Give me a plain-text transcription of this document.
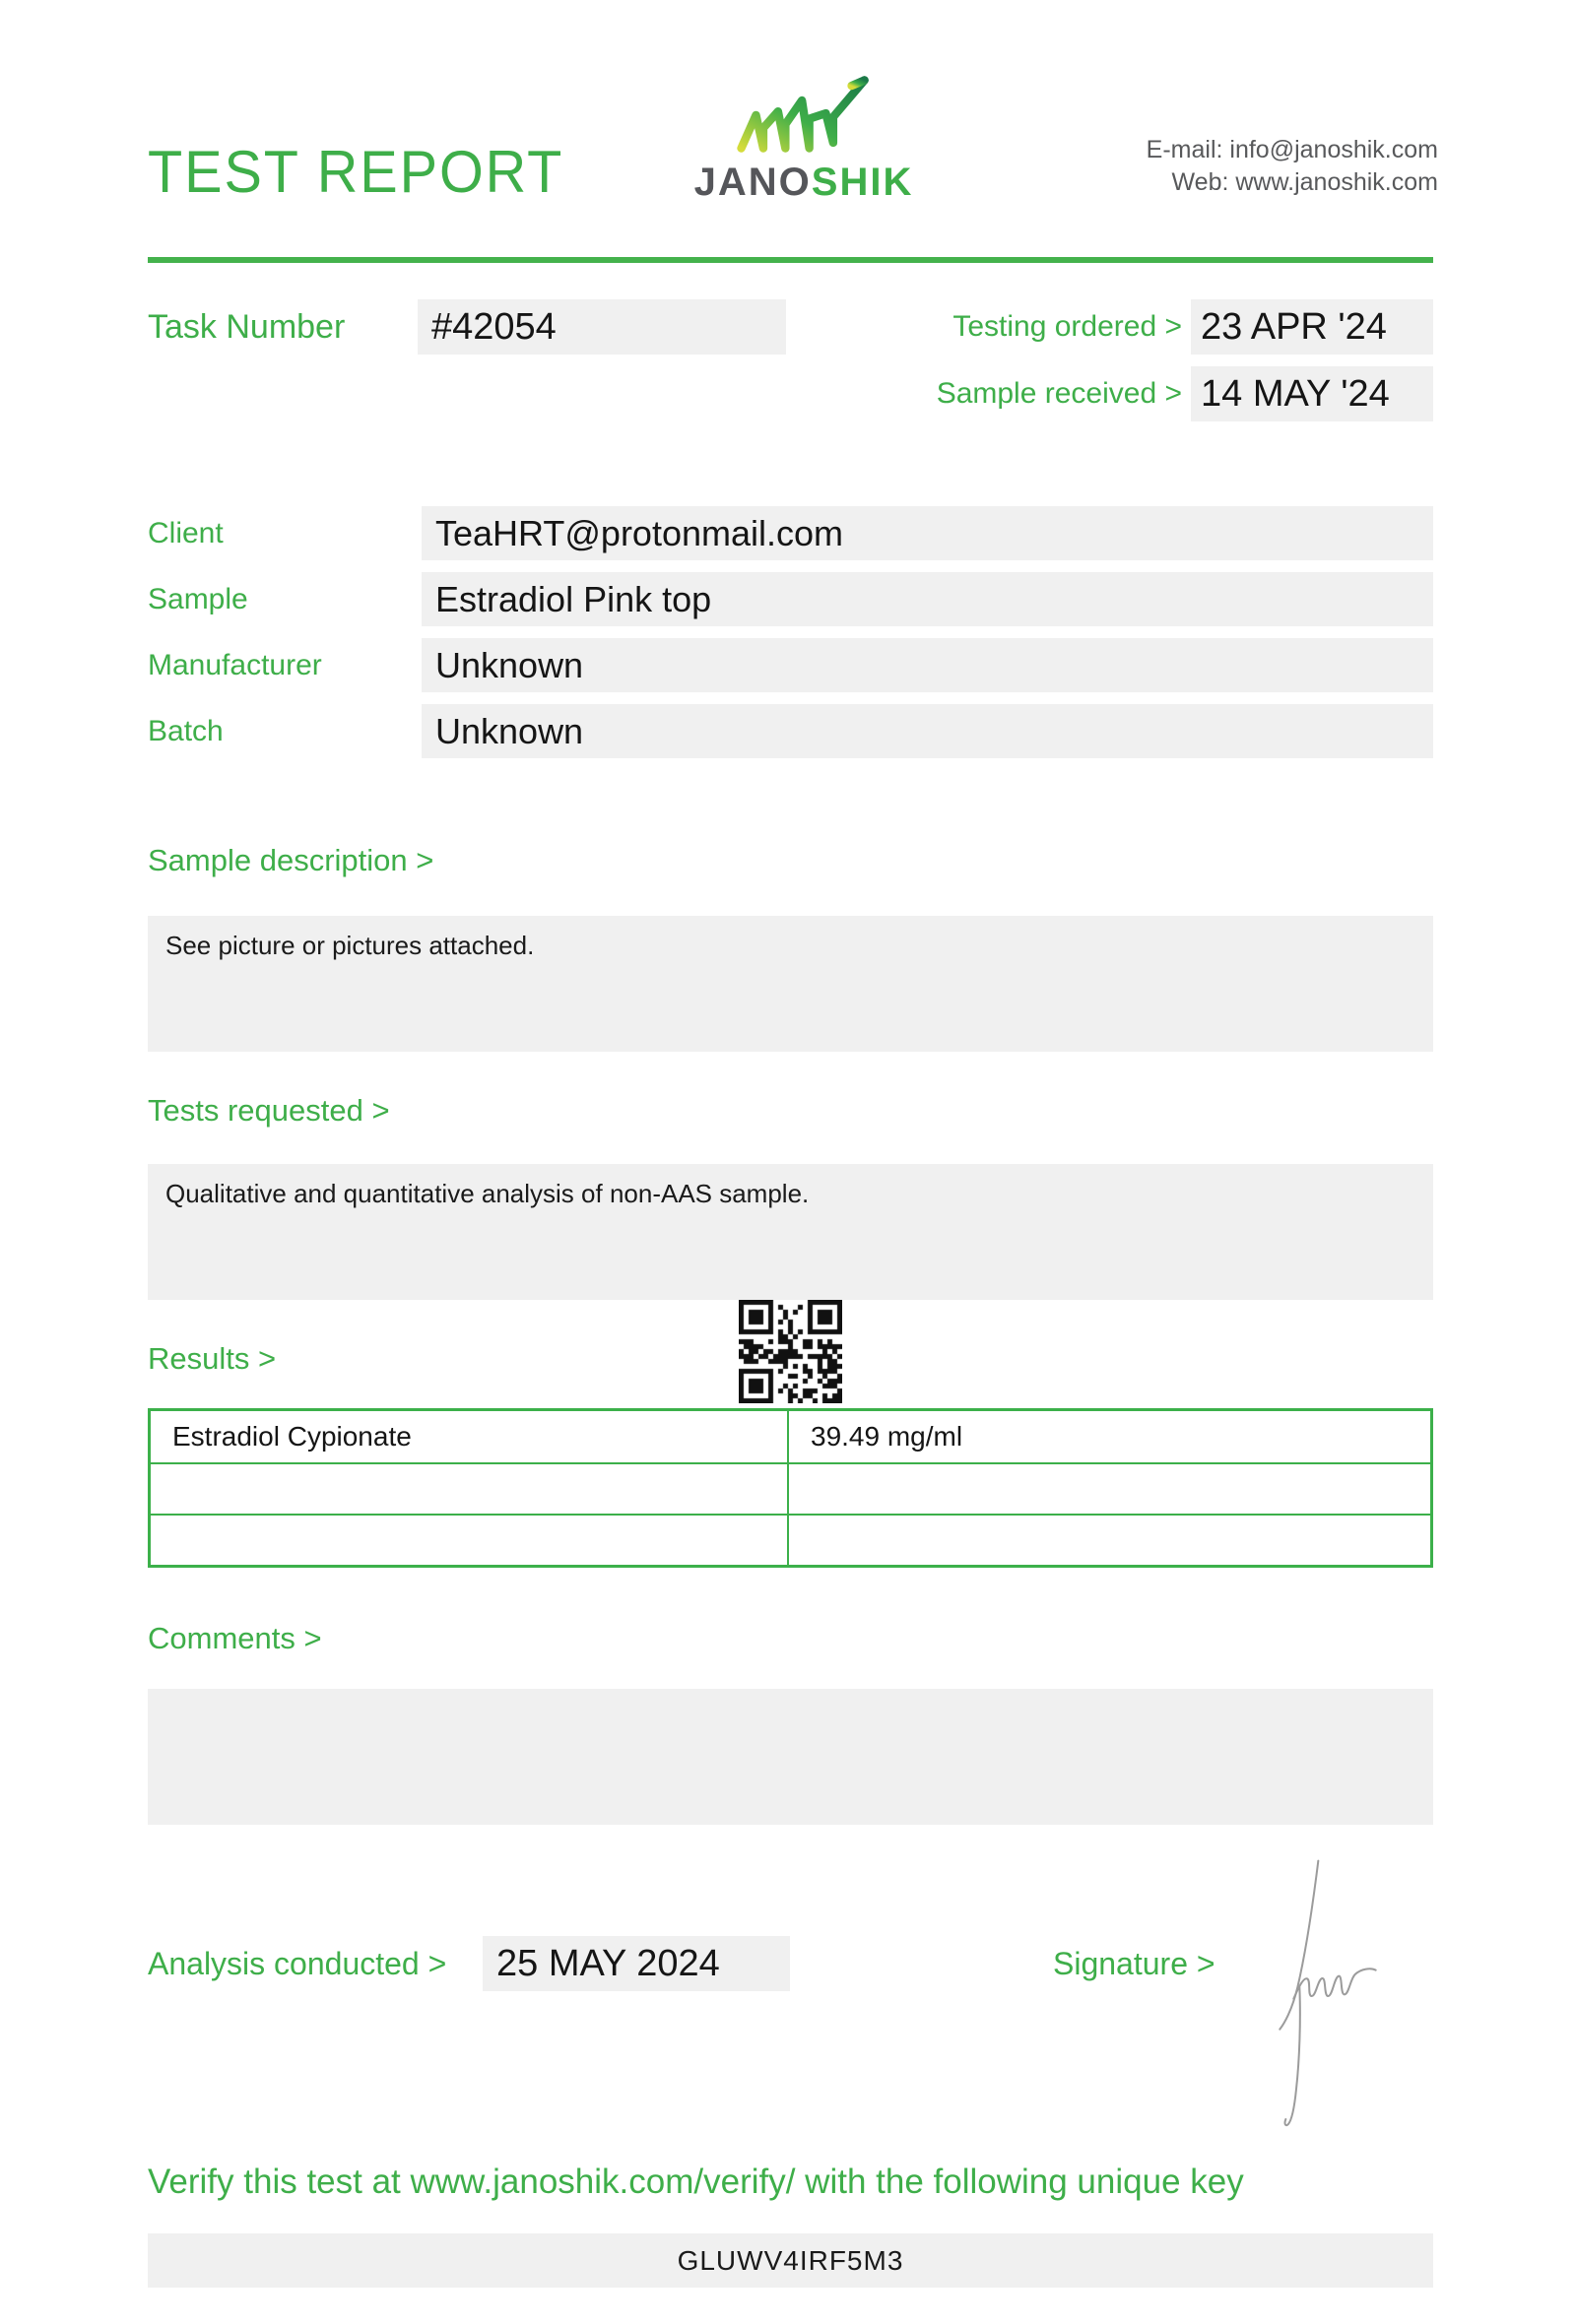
TEST REPORT	JANOSHIK
E-mail: info@janoshik.com
Web: www.janoshik.com
Task Number	#42054	Testing ordered > 23 APR '24
Sample received > 14 MAY '24
Client	TeaHRT@protonmail.com
Sample	Estradiol Pink top
Manufacturer	Unknown
Batch	Unknown
Sample description >
See picture or pictures attached.
Tests requested >
Qualitative and quantitative analysis of non-AAS sample.
Results >
Estradiol Cypionate	39.49 mg/ml
Comments >
Analysis conducted >	25 MAY 2024	Signature >
Verify this test at www.janoshik.com/verify/ with the following unique key
GLUWV4IRF5M3
